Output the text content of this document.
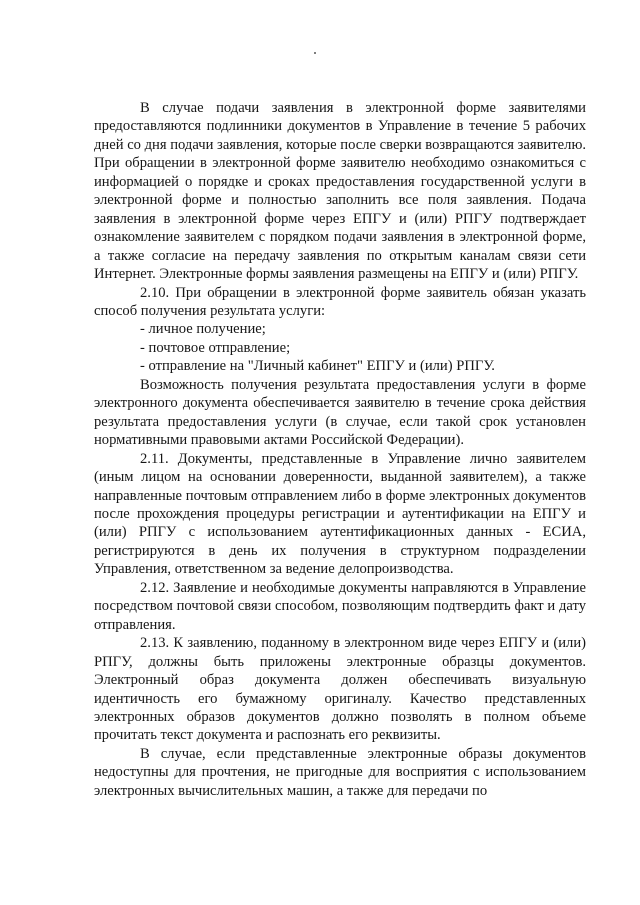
В случае подачи заявления в электронной форме заявителями предоставляются подлинники документов в Управление в течение 5 рабочих дней со дня подачи заявления, которые после сверки возвращаются заявителю. При обращении в электронной форме заявителю необходимо ознакомиться с информацией о порядке и сроках предоставления государственной услуги в электронной форме и полностью заполнить все поля заявления. Подача заявления в электронной форме через ЕПГУ и (или) РПГУ подтверждает ознакомление заявителем с порядком подачи заявления в электронной форме, а также согласие на передачу заявления по открытым каналам связи сети Интернет. Электронные формы заявления размещены на ЕПГУ и (или) РПГУ.

2.10. При обращении в электронной форме заявитель обязан указать способ получения результата услуги:

- личное получение;

- почтовое отправление;

- отправление на "Личный кабинет" ЕПГУ и (или) РПГУ.

Возможность получения результата предоставления услуги в форме электронного документа обеспечивается заявителю в течение срока действия результата предоставления услуги (в случае, если такой срок установлен нормативными правовыми актами Российской Федерации).

2.11. Документы, представленные в Управление лично заявителем (иным лицом на основании доверенности, выданной заявителем), а также направленные почтовым отправлением либо в форме электронных документов после прохождения процедуры регистрации и аутентификации на ЕПГУ и (или) РПГУ с использованием аутентификационных данных - ЕСИА, регистрируются в день их получения в структурном подразделении Управления, ответственном за ведение делопроизводства.

2.12. Заявление и необходимые документы направляются в Управление посредством почтовой связи способом, позволяющим подтвердить факт и дату отправления.

2.13. К заявлению, поданному в электронном виде через ЕПГУ и (или) РПГУ, должны быть приложены электронные образцы документов. Электронный образ документа должен обеспечивать визуальную идентичность его бумажному оригиналу. Качество представленных электронных образов документов должно позволять в полном объеме прочитать текст документа и распознать его реквизиты.

В случае, если представленные электронные образы документов недоступны для прочтения, не пригодные для восприятия с использованием электронных вычислительных машин, а также для передачи по
